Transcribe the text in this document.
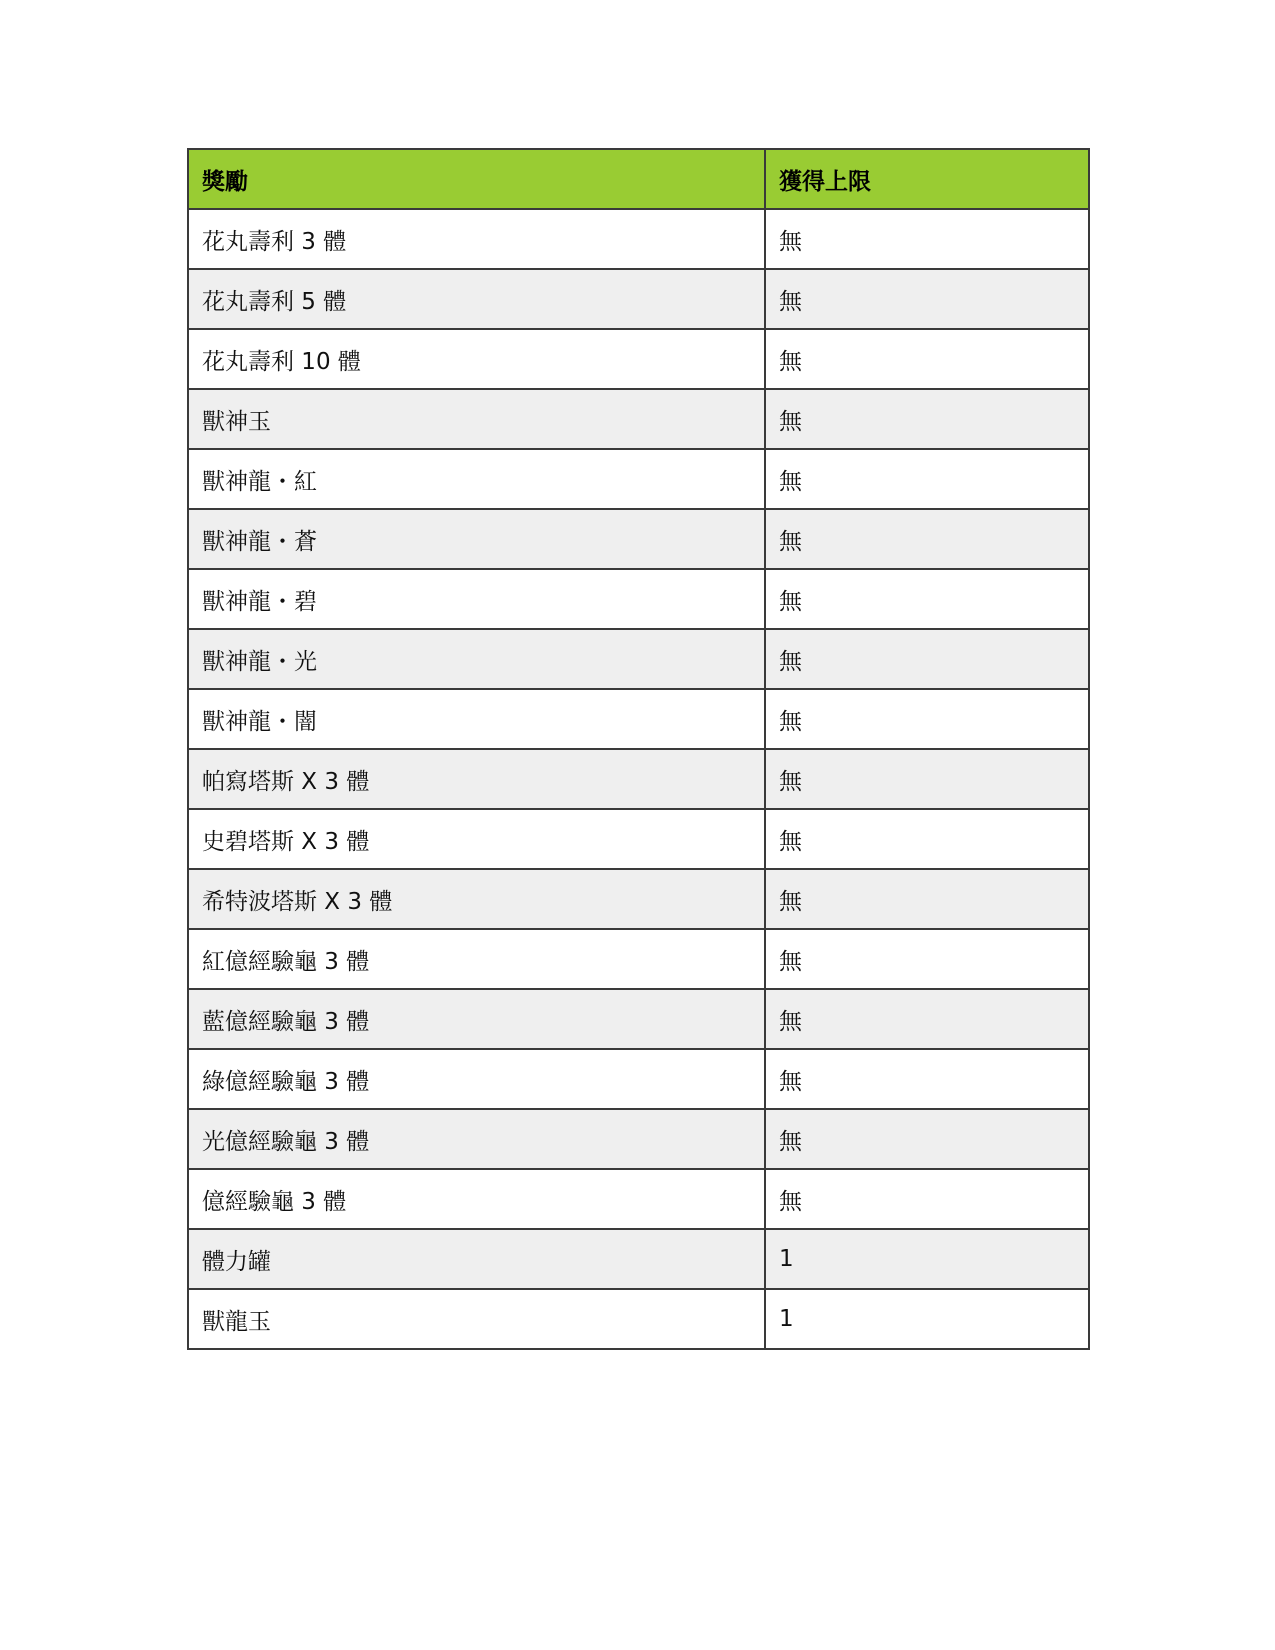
獎勵	獲得上限
花丸壽利 3 體	無
花丸壽利 5 體	無
花丸壽利 10 體	無
獸神玉	無
獸神龍・紅	無
獸神龍・蒼	無
獸神龍・碧	無
獸神龍・光	無
獸神龍・闇	無
帕寫塔斯 X 3 體	無
史碧塔斯 X 3 體	無
希特波塔斯 X 3 體	無
紅億經驗龜 3 體	無
藍億經驗龜 3 體	無
綠億經驗龜 3 體	無
光億經驗龜 3 體	無
億經驗龜 3 體	無
體力罐	1
獸龍玉	1
